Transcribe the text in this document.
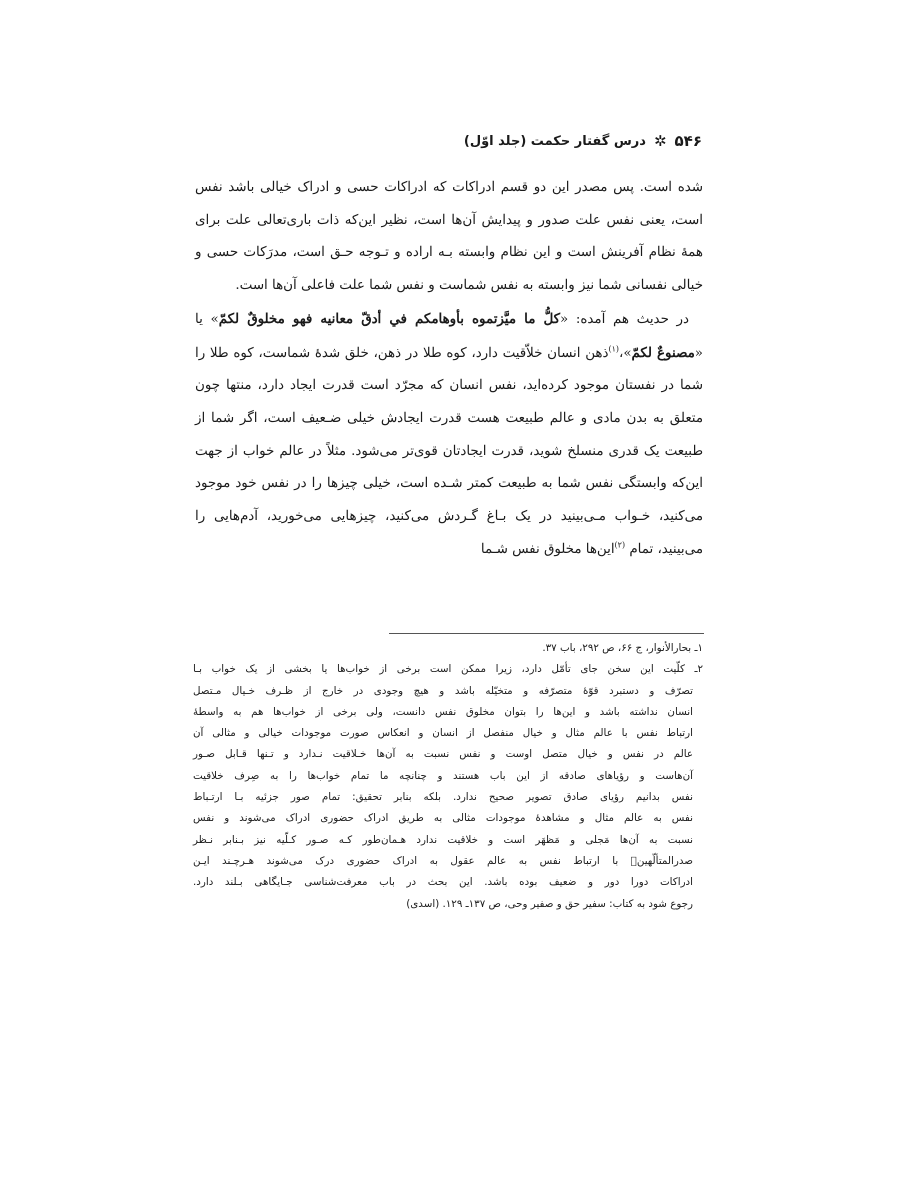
۵۴۶
✲
درس گفتار حکمت (جلد اوّل)

شده است. پس مصدر این دو قسم ادراکات که ادراکات حسی و ادراک خیالی باشد نفس است، یعنی نفس علت صدور و پیدایش آن‌ها است، نظیر این‌که ذات باری‌تعالی علت برای همهٔ نظام آفرینش است و این نظام وابسته بـه اراده و تـوجه حـق است، مدرَکات حسی و خیالی نفسانی شما نیز وابسته به نفس شماست و نفس شما علت فاعلی آن‌ها است.

در حدیث هم آمده: «کلُّ ما میَّزتموه بأوهامکم في أدقّ معانیه فهو مخلوقٌ لکمّ» یا «مصنوعٌ لکمّ»،$^{(۱)}$ذهن انسان خلاّقیت دارد، کوه طلا در ذهن، خلق شدهٔ شماست، کوه طلا را شما در نفستان موجود کرده‌اید، نفس انسان که مجرّد است قدرت ایجاد دارد، منتها چون متعلق به بدن مادی و عالم طبیعت هست قدرت ایجادش خیلی ضـعیف است، اگر شما از طبیعت یک قدری منسلخ شوید، قدرت ایجادتان قوی‌تر می‌شود. مثلاً در عالم خواب از جهت این‌که وابستگی نفس شما به طبیعت کمتر شـده است، خیلی چیزها را در نفس خود موجود می‌کنید، خـواب مـی‌بینید در یک بـاغ گـردش می‌کنید، چیزهایی می‌خورید، آدم‌هایی را می‌بینید، تمام $^{(۲)}$این‌ها مخلوق نفس شـما

۱ـ بحارالأنوار، ج ۶۶، ص ۲۹۲، باب ۳۷.

۲ـ کلّیت این سخن جای تأمّل دارد، زیرا ممکن است برخی از خواب‌ها یا بخشی از یک خواب بـا
تصرّف و دستبرد قوّهٔ متصرّفه و متخیّله باشد و هیچ وجودی در خارج از ظـرف خـیال مـتصل
انسان نداشته باشد و این‌ها را بتوان مخلوق نفس دانست، ولی برخی از خواب‌ها هم به واسطهٔ
ارتباط نفس با عالم مثال و خیال منفصل از انسان و انعکاس صورت موجودات خیالی و مثالی آن
عالم در نفس و خیال متصل اوست و نفس نسبت به آن‌ها خـلاقیت نـدارد و تـنها قـابل صـور
آن‌هاست و رؤیاهای صادقه از این باب هستند و چنانچه ما تمام خواب‌ها را به صِرف خلاقیت
نفس بدانیم رؤیای صادق تصویر صحیح ندارد. بلکه بنابر تحقیق: تمام صور جزئیه بـا ارتـباط
نفس به عالم مثال و مشاهدهٔ موجودات مثالی به طریق ادراک حضوری ادراک می‌شوند و نفس
نسبت به آن‌ها مَجلی و مَظهَر است و خلاقیت ندارد هـمان‌طور کـه صـور کـلّیه نیز بـنابر نـظر
صدرالمتألّهین﷫ با ارتباط نفس به عالم عقول به ادراک حضوری درک می‌شوند هـرچـند ایـن
ادراکات دورا دور و ضعیف بوده باشد. این بحث در باب معرفت‌شناسی جـایگاهی بـلند دارد.
رجوع شود به کتاب: سفیر حق و صفیر وحی، ص ۱۳۷ـ ۱۲۹. (اسدی)
